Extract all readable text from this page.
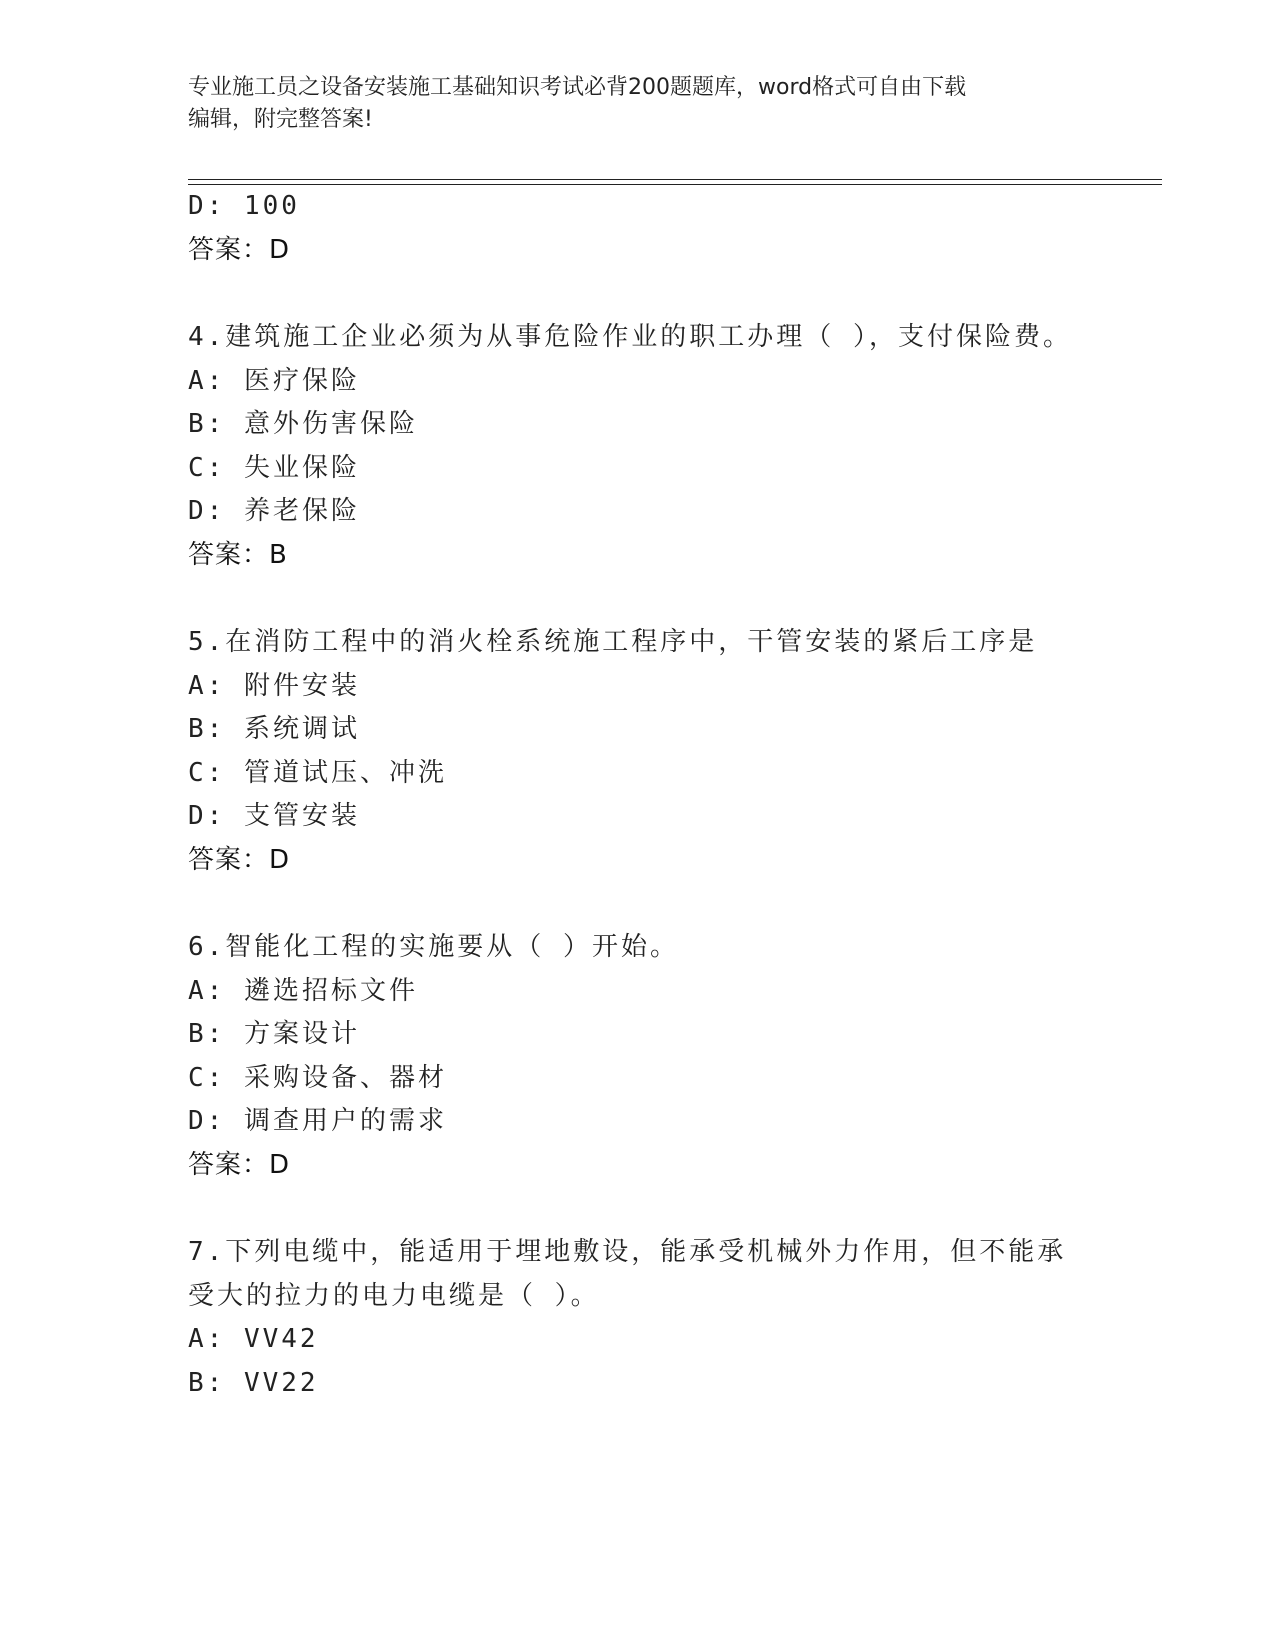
专业施工员之设备安装施工基础知识考试必背200题题库，word格式可自由下载
编辑，附完整答案!
D: 100
答案：D
4.建筑施工企业必须为从事危险作业的职工办理（ ），支付保险费。
A: 医疗保险
B: 意外伤害保险
C: 失业保险
D: 养老保险
答案：B
5.在消防工程中的消火栓系统施工程序中，干管安装的紧后工序是
A: 附件安装
B: 系统调试
C: 管道试压、冲洗
D: 支管安装
答案：D
6.智能化工程的实施要从（ ）开始。
A: 遴选招标文件
B: 方案设计
C: 采购设备、器材
D: 调查用户的需求
答案：D
7.下列电缆中，能适用于埋地敷设，能承受机械外力作用，但不能承
受大的拉力的电力电缆是（ ）。
A: VV42
B: VV22
